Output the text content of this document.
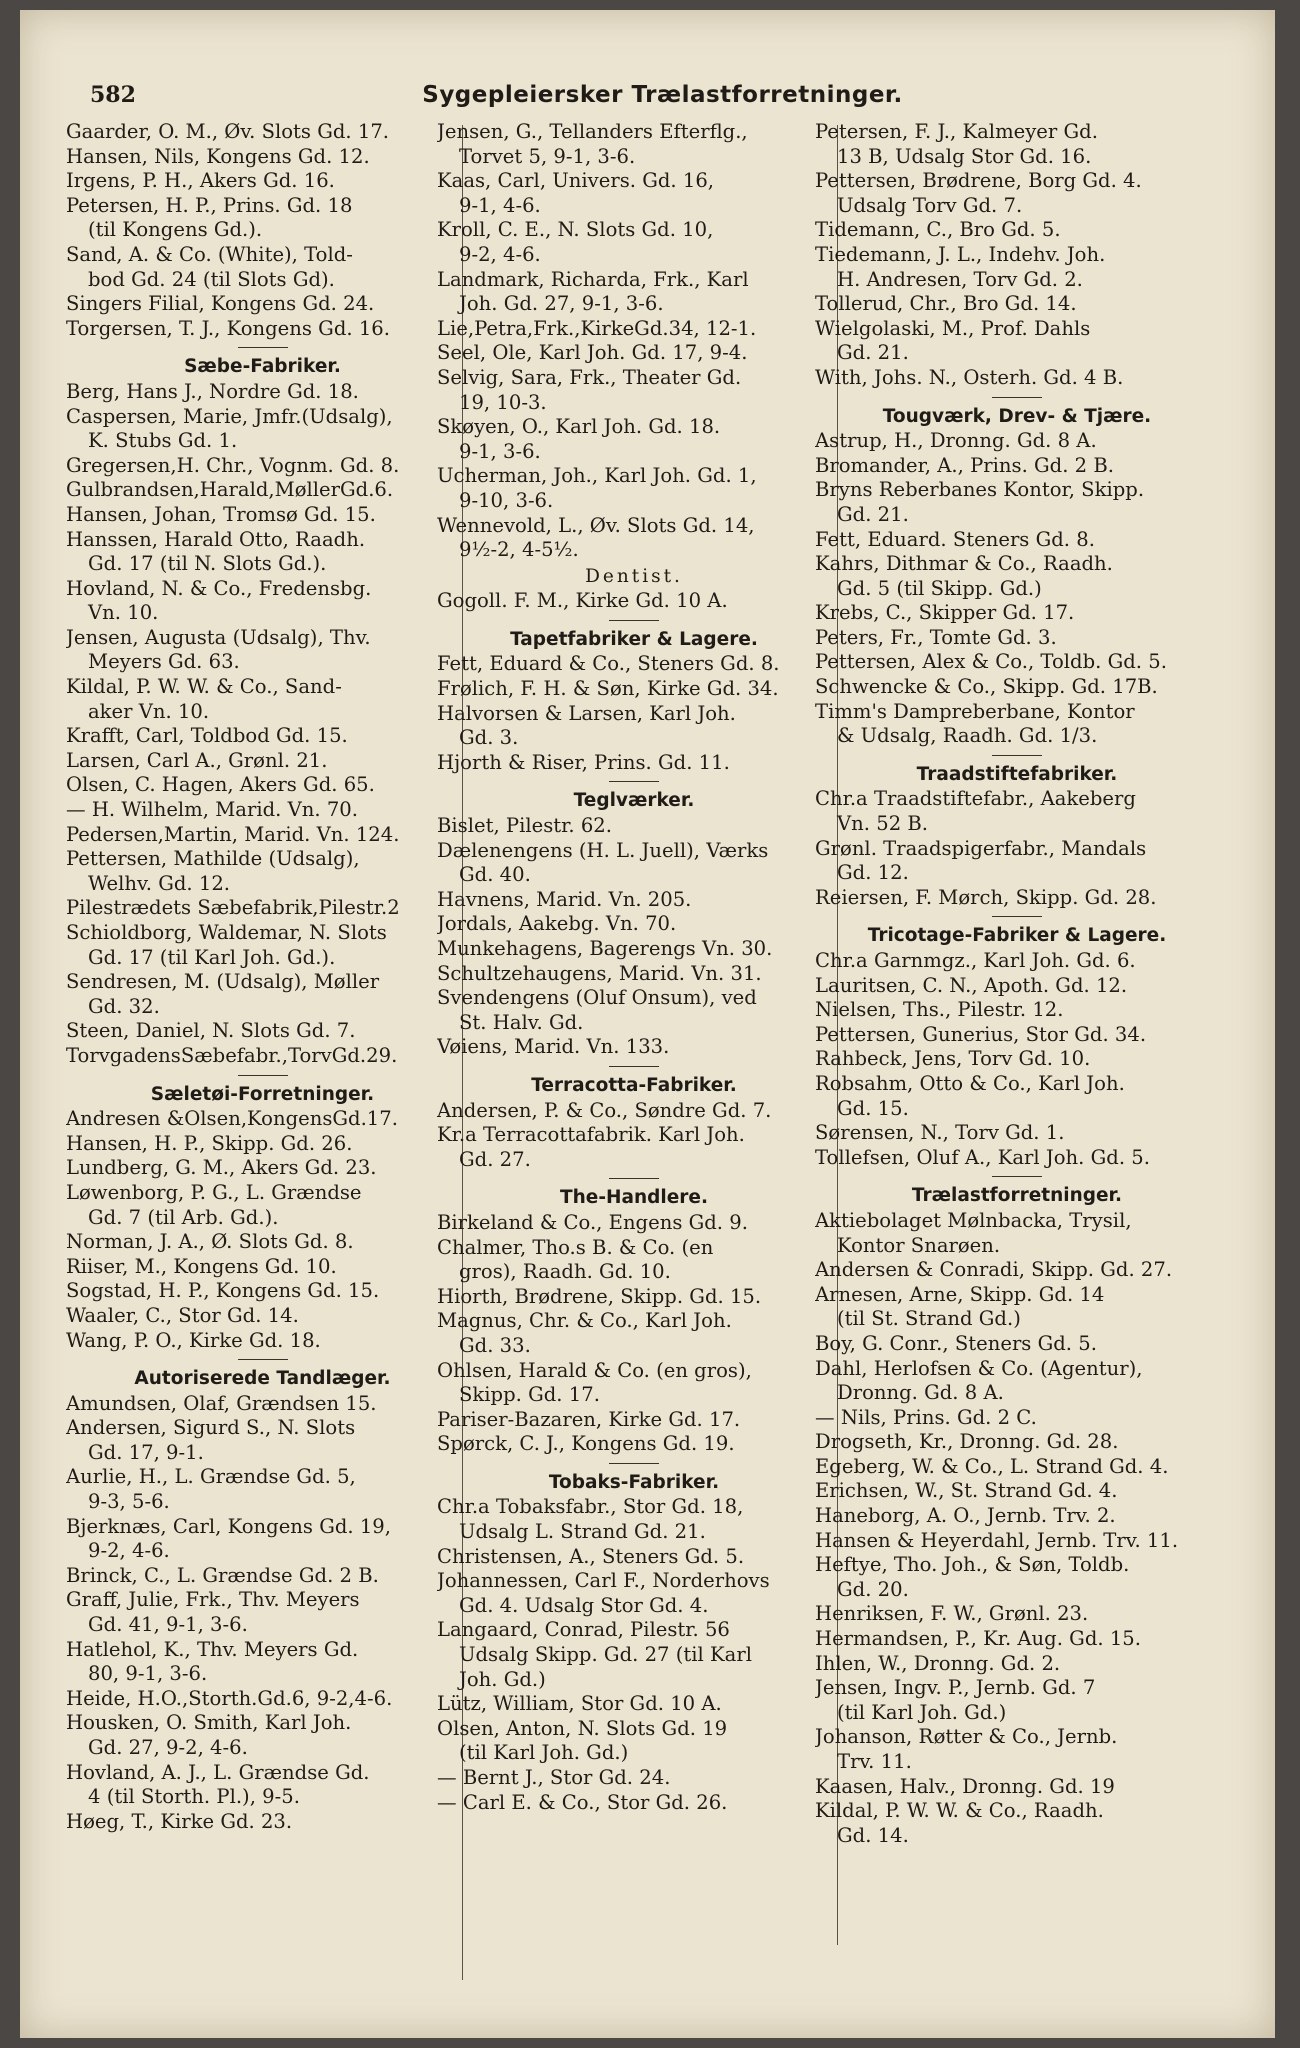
582	Sygepleiersker Trælastforretninger.
Gaarder, O. M., Øv. Slots Gd. 17.
Hansen, Nils, Kongens Gd. 12.
Irgens, P. H., Akers Gd. 16.
Petersen, H. P., Prins. Gd. 18
(til Kongens Gd.).
Sand, A. & Co. (White), Told-
bod Gd. 24 (til Slots Gd).
Singers Filial, Kongens Gd. 24.
Torgersen, T. J., Kongens Gd. 16.
Sæbe-Fabriker.
Berg, Hans J., Nordre Gd. 18.
Caspersen, Marie, Jmfr.(Udsalg),
K. Stubs Gd. 1.
Gregersen,H. Chr., Vognm. Gd. 8.
Gulbrandsen,Harald,MøllerGd.6.
Hansen, Johan, Tromsø Gd. 15.
Hanssen, Harald Otto, Raadh.
Gd. 17 (til N. Slots Gd.).
Hovland, N. & Co., Fredensbg.
Vn. 10.
Jensen, Augusta (Udsalg), Thv.
Meyers Gd. 63.
Kildal, P. W. W. & Co., Sand-
aker Vn. 10.
Krafft, Carl, Toldbod Gd. 15.
Larsen, Carl A., Grønl. 21.
Olsen, C. Hagen, Akers Gd. 65.
— H. Wilhelm, Marid. Vn. 70.
Pedersen,Martin, Marid. Vn. 124.
Pettersen, Mathilde (Udsalg),
Welhv. Gd. 12.
Pilestrædets Sæbefabrik,Pilestr.2
Schioldborg, Waldemar, N. Slots
Gd. 17 (til Karl Joh. Gd.).
Sendresen, M. (Udsalg), Møller
Gd. 32.
Steen, Daniel, N. Slots Gd. 7.
TorvgadensSæbefabr.,TorvGd.29.
Sæletøi-Forretninger.
Andresen &Olsen,KongensGd.17.
Hansen, H. P., Skipp. Gd. 26.
Lundberg, G. M., Akers Gd. 23.
Løwenborg, P. G., L. Grændse
Gd. 7 (til Arb. Gd.).
Norman, J. A., Ø. Slots Gd. 8.
Riiser, M., Kongens Gd. 10.
Sogstad, H. P., Kongens Gd. 15.
Waaler, C., Stor Gd. 14.
Wang, P. O., Kirke Gd. 18.
Autoriserede Tandlæger.
Amundsen, Olaf, Grændsen 15.
Andersen, Sigurd S., N. Slots
Gd. 17, 9-1.
Aurlie, H., L. Grændse Gd. 5,
9-3, 5-6.
Bjerknæs, Carl, Kongens Gd. 19,
9-2, 4-6.
Brinck, C., L. Grændse Gd. 2 B.
Graff, Julie, Frk., Thv. Meyers
Gd. 41, 9-1, 3-6.
Hatlehol, K., Thv. Meyers Gd.
80, 9-1, 3-6.
Heide, H.O.,Storth.Gd.6, 9-2,4-6.
Housken, O. Smith, Karl Joh.
Gd. 27, 9-2, 4-6.
Hovland, A. J., L. Grændse Gd.
4 (til Storth. Pl.), 9-5.
Høeg, T., Kirke Gd. 23.
Jensen, G., Tellanders Efterflg.,
Torvet 5, 9-1, 3-6.
Kaas, Carl, Univers. Gd. 16,
9-1, 4-6.
Kroll, C. E., N. Slots Gd. 10,
9-2, 4-6.
Landmark, Richarda, Frk., Karl
Joh. Gd. 27, 9-1, 3-6.
Lie,Petra,Frk.,KirkeGd.34, 12-1.
Seel, Ole, Karl Joh. Gd. 17, 9-4.
Selvig, Sara, Frk., Theater Gd.
19, 10-3.
Skøyen, O., Karl Joh. Gd. 18.
9-1, 3-6.
Ucherman, Joh., Karl Joh. Gd. 1,
9-10, 3-6.
Wennevold, L., Øv. Slots Gd. 14,
9½-2, 4-5½.
Dentist.
Gogoll. F. M., Kirke Gd. 10 A.
Tapetfabriker & Lagere.
Fett, Eduard & Co., Steners Gd. 8.
Frølich, F. H. & Søn, Kirke Gd. 34.
Halvorsen & Larsen, Karl Joh.
Gd. 3.
Hjorth & Riser, Prins. Gd. 11.
Teglværker.
Bislet, Pilestr. 62.
Dælenengens (H. L. Juell), Værks
Gd. 40.
Havnens, Marid. Vn. 205.
Jordals, Aakebg. Vn. 70.
Munkehagens, Bagerengs Vn. 30.
Schultzehaugens, Marid. Vn. 31.
Svendengens (Oluf Onsum), ved
St. Halv. Gd.
Vøiens, Marid. Vn. 133.
Terracotta-Fabriker.
Andersen, P. & Co., Søndre Gd. 7.
Kr.a Terracottafabrik. Karl Joh.
Gd. 27.
The-Handlere.
Birkeland & Co., Engens Gd. 9.
Chalmer, Tho.s B. & Co. (en
gros), Raadh. Gd. 10.
Hiorth, Brødrene, Skipp. Gd. 15.
Magnus, Chr. & Co., Karl Joh.
Gd. 33.
Ohlsen, Harald & Co. (en gros),
Skipp. Gd. 17.
Pariser-Bazaren, Kirke Gd. 17.
Spørck, C. J., Kongens Gd. 19.
Tobaks-Fabriker.
Chr.a Tobaksfabr., Stor Gd. 18,
Udsalg L. Strand Gd. 21.
Christensen, A., Steners Gd. 5.
Johannessen, Carl F., Norderhovs
Gd. 4. Udsalg Stor Gd. 4.
Langaard, Conrad, Pilestr. 56
Udsalg Skipp. Gd. 27 (til Karl
Joh. Gd.)
Lütz, William, Stor Gd. 10 A.
Olsen, Anton, N. Slots Gd. 19
(til Karl Joh. Gd.)
— Bernt J., Stor Gd. 24.
— Carl E. & Co., Stor Gd. 26.
Petersen, F. J., Kalmeyer Gd.
13 B, Udsalg Stor Gd. 16.
Pettersen, Brødrene, Borg Gd. 4.
Udsalg Torv Gd. 7.
Tidemann, C., Bro Gd. 5.
Tiedemann, J. L., Indehv. Joh.
H. Andresen, Torv Gd. 2.
Tollerud, Chr., Bro Gd. 14.
Wielgolaski, M., Prof. Dahls
Gd. 21.
With, Johs. N., Osterh. Gd. 4 B.
Tougværk, Drev- & Tjære.
Astrup, H., Dronng. Gd. 8 A.
Bromander, A., Prins. Gd. 2 B.
Bryns Reberbanes Kontor, Skipp.
Gd. 21.
Fett, Eduard. Steners Gd. 8.
Kahrs, Dithmar & Co., Raadh.
Gd. 5 (til Skipp. Gd.)
Krebs, C., Skipper Gd. 17.
Peters, Fr., Tomte Gd. 3.
Pettersen, Alex & Co., Toldb. Gd. 5.
Schwencke & Co., Skipp. Gd. 17B.
Timm's Dampreberbane, Kontor
& Udsalg, Raadh. Gd. 1/3.
Traadstiftefabriker.
Chr.a Traadstiftefabr., Aakeberg
Vn. 52 B.
Grønl. Traadspigerfabr., Mandals
Gd. 12.
Reiersen, F. Mørch, Skipp. Gd. 28.
Tricotage-Fabriker & Lagere.
Chr.a Garnmgz., Karl Joh. Gd. 6.
Lauritsen, C. N., Apoth. Gd. 12.
Nielsen, Ths., Pilestr. 12.
Pettersen, Gunerius, Stor Gd. 34.
Rahbeck, Jens, Torv Gd. 10.
Robsahm, Otto & Co., Karl Joh.
Gd. 15.
Sørensen, N., Torv Gd. 1.
Tollefsen, Oluf A., Karl Joh. Gd. 5.
Trælastforretninger.
Aktiebolaget Mølnbacka, Trysil,
Kontor Snarøen.
Andersen & Conradi, Skipp. Gd. 27.
Arnesen, Arne, Skipp. Gd. 14
(til St. Strand Gd.)
Boy, G. Conr., Steners Gd. 5.
Dahl, Herlofsen & Co. (Agentur),
Dronng. Gd. 8 A.
— Nils, Prins. Gd. 2 C.
Drogseth, Kr., Dronng. Gd. 28.
Egeberg, W. & Co., L. Strand Gd. 4.
Erichsen, W., St. Strand Gd. 4.
Haneborg, A. O., Jernb. Trv. 2.
Hansen & Heyerdahl, Jernb. Trv. 11.
Heftye, Tho. Joh., & Søn, Toldb.
Gd. 20.
Henriksen, F. W., Grønl. 23.
Hermandsen, P., Kr. Aug. Gd. 15.
Ihlen, W., Dronng. Gd. 2.
Jensen, Ingv. P., Jernb. Gd. 7
(til Karl Joh. Gd.)
Johanson, Røtter & Co., Jernb.
Trv. 11.
Kaasen, Halv., Dronng. Gd. 19
Kildal, P. W. W. & Co., Raadh.
Gd. 14.
